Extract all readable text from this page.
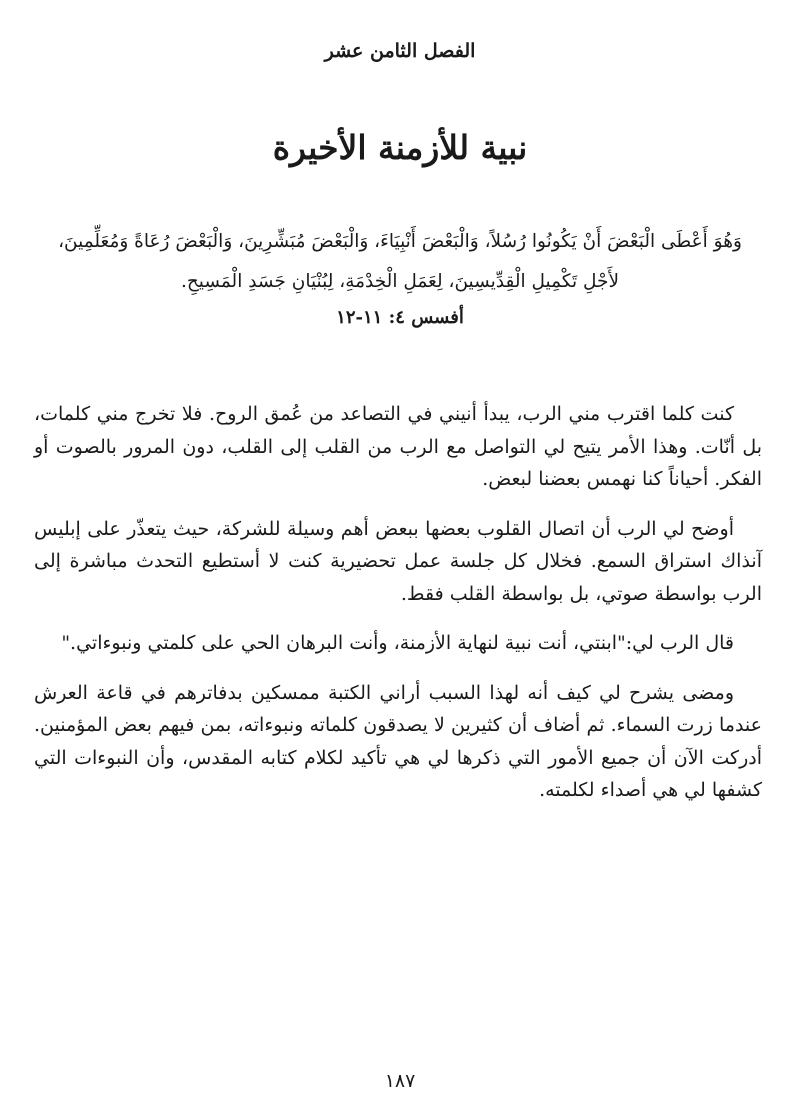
الفصل الثامن عشر
نبية للأزمنة الأخيرة
وَهُوَ أَعْطَى الْبَعْضَ أَنْ يَكُونُوا رُسُلاً، وَالْبَعْضَ أَنْبِيَاءَ، وَالْبَعْضَ مُبَشِّرِينَ، وَالْبَعْضَ رُعَاةً وَمُعَلِّمِينَ،
لأَجْلِ تَكْمِيلِ الْقِدِّيسِينَ، لِعَمَلِ الْخِدْمَةِ، لِبُنْيَانِ جَسَدِ الْمَسِيحِ.
أفسس ٤: ١١-١٢

كنت كلما اقترب مني الرب، يبدأ أنيني في التصاعد من عُمق الروح. فلا تخرج مني كلمات، بل أنّات. وهذا الأمر يتيح لي التواصل مع الرب من القلب إلى القلب، دون المرور بالصوت أو الفكر. أحياناً كنا نهمس بعضنا لبعض.

أوضح لي الرب أن اتصال القلوب بعضها ببعض أهم وسيلة للشركة، حيث يتعذّر على إبليس آنذاك استراق السمع. فخلال كل جلسة عمل تحضيرية كنت لا أستطيع التحدث مباشرة إلى الرب بواسطة صوتي، بل بواسطة القلب فقط.

قال الرب لي:"ابنتي، أنت نبية لنهاية الأزمنة، وأنت البرهان الحي على كلمتي ونبوءاتي."

ومضى يشرح لي كيف أنه لهذا السبب أراني الكتبة ممسكين بدفاترهم في قاعة العرش عندما زرت السماء. ثم أضاف أن كثيرين لا يصدقون كلماته ونبوءاته، بمن فيهم بعض المؤمنين. أدركت الآن أن جميع الأمور التي ذكرها لي هي تأكيد لكلام كتابه المقدس، وأن النبوءات التي كشفها لي هي أصداء لكلمته.

١٨٧
